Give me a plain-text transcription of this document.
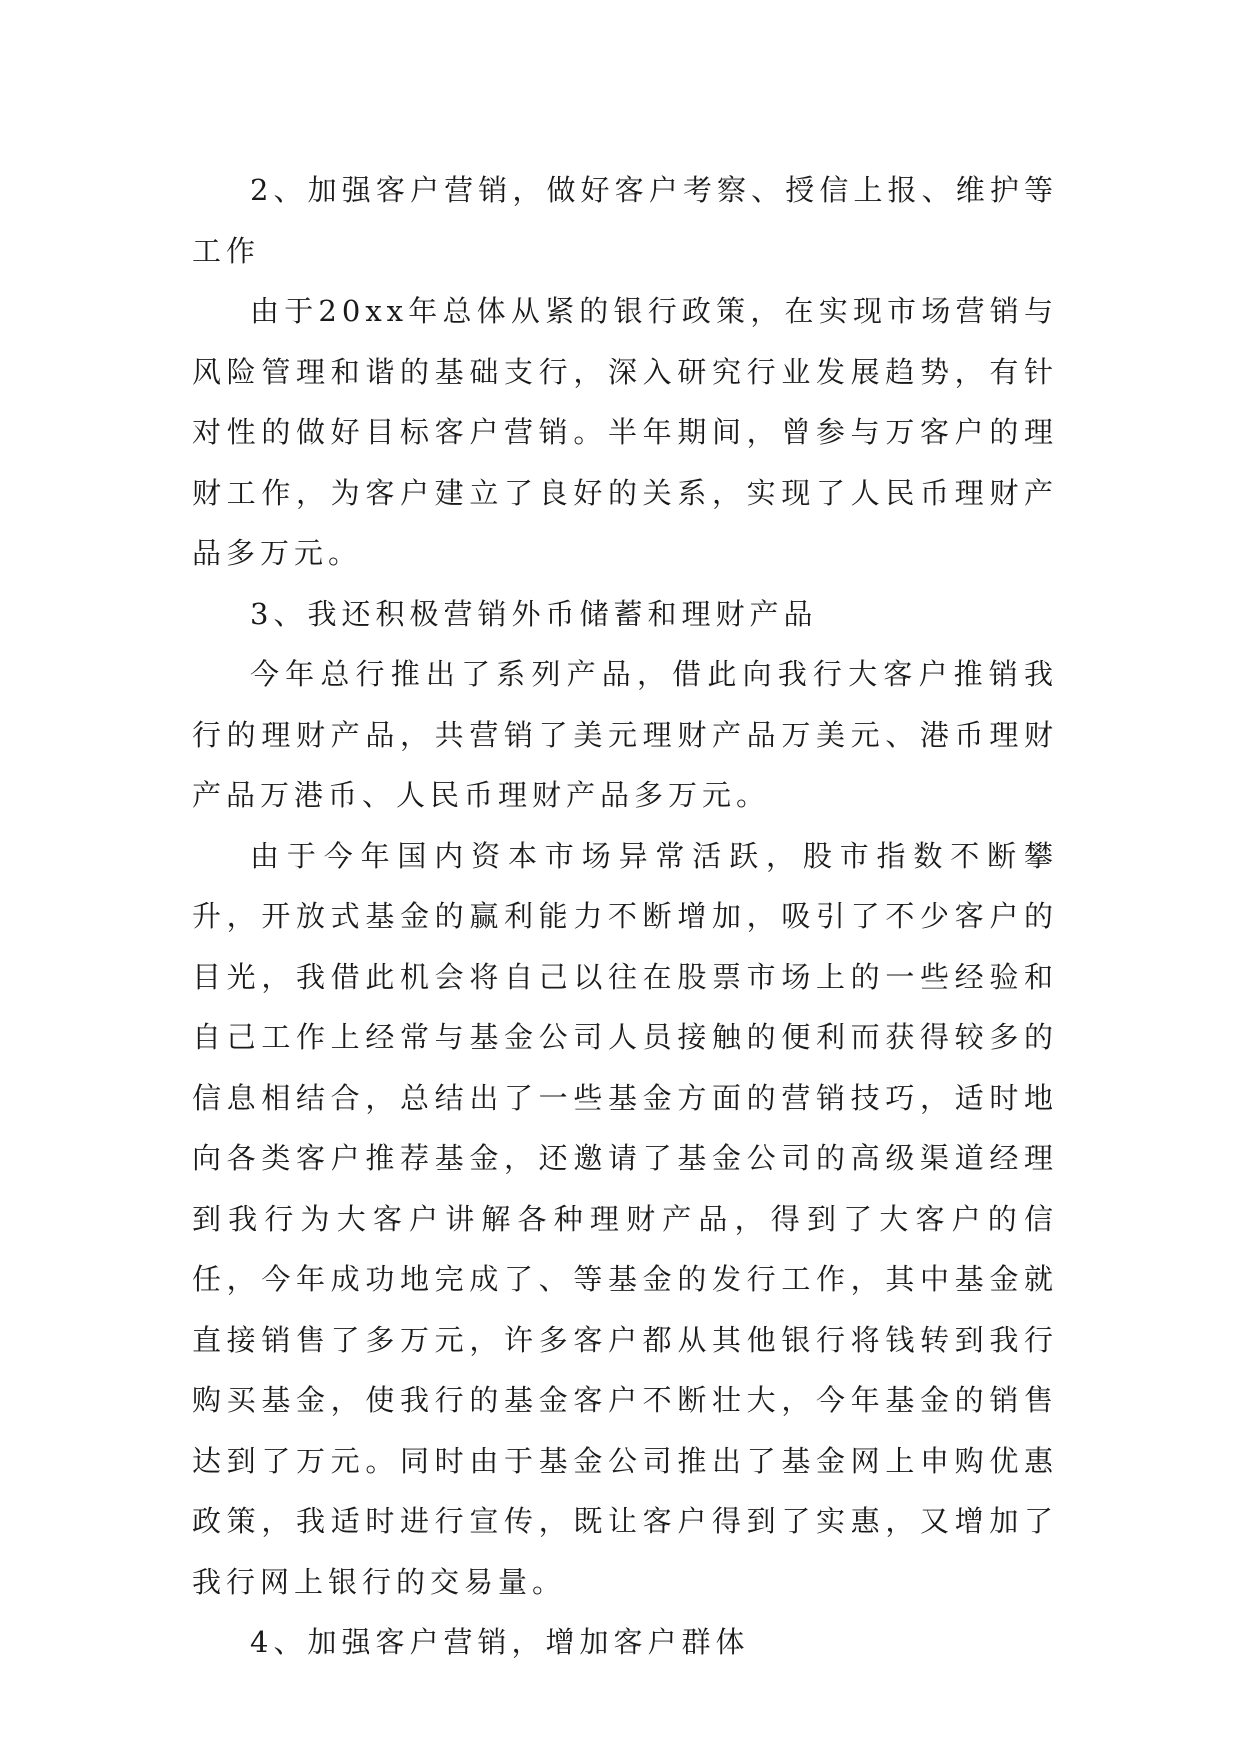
2、加强客户营销，做好客户考察、授信上报、维护等工作

由于20xx年总体从紧的银行政策，在实现市场营销与风险管理和谐的基础支行，深入研究行业发展趋势，有针对性的做好目标客户营销。半年期间，曾参与万客户的理财工作，为客户建立了良好的关系，实现了人民币理财产品多万元。

3、我还积极营销外币储蓄和理财产品

今年总行推出了系列产品，借此向我行大客户推销我行的理财产品，共营销了美元理财产品万美元、港币理财产品万港币、人民币理财产品多万元。

由于今年国内资本市场异常活跃，股市指数不断攀升，开放式基金的赢利能力不断增加，吸引了不少客户的目光，我借此机会将自己以往在股票市场上的一些经验和自己工作上经常与基金公司人员接触的便利而获得较多的信息相结合，总结出了一些基金方面的营销技巧，适时地向各类客户推荐基金，还邀请了基金公司的高级渠道经理到我行为大客户讲解各种理财产品，得到了大客户的信任，今年成功地完成了、等基金的发行工作，其中基金就直接销售了多万元，许多客户都从其他银行将钱转到我行购买基金，使我行的基金客户不断壮大，今年基金的销售达到了万元。同时由于基金公司推出了基金网上申购优惠政策，我适时进行宣传，既让客户得到了实惠，又增加了我行网上银行的交易量。

4、加强客户营销，增加客户群体
